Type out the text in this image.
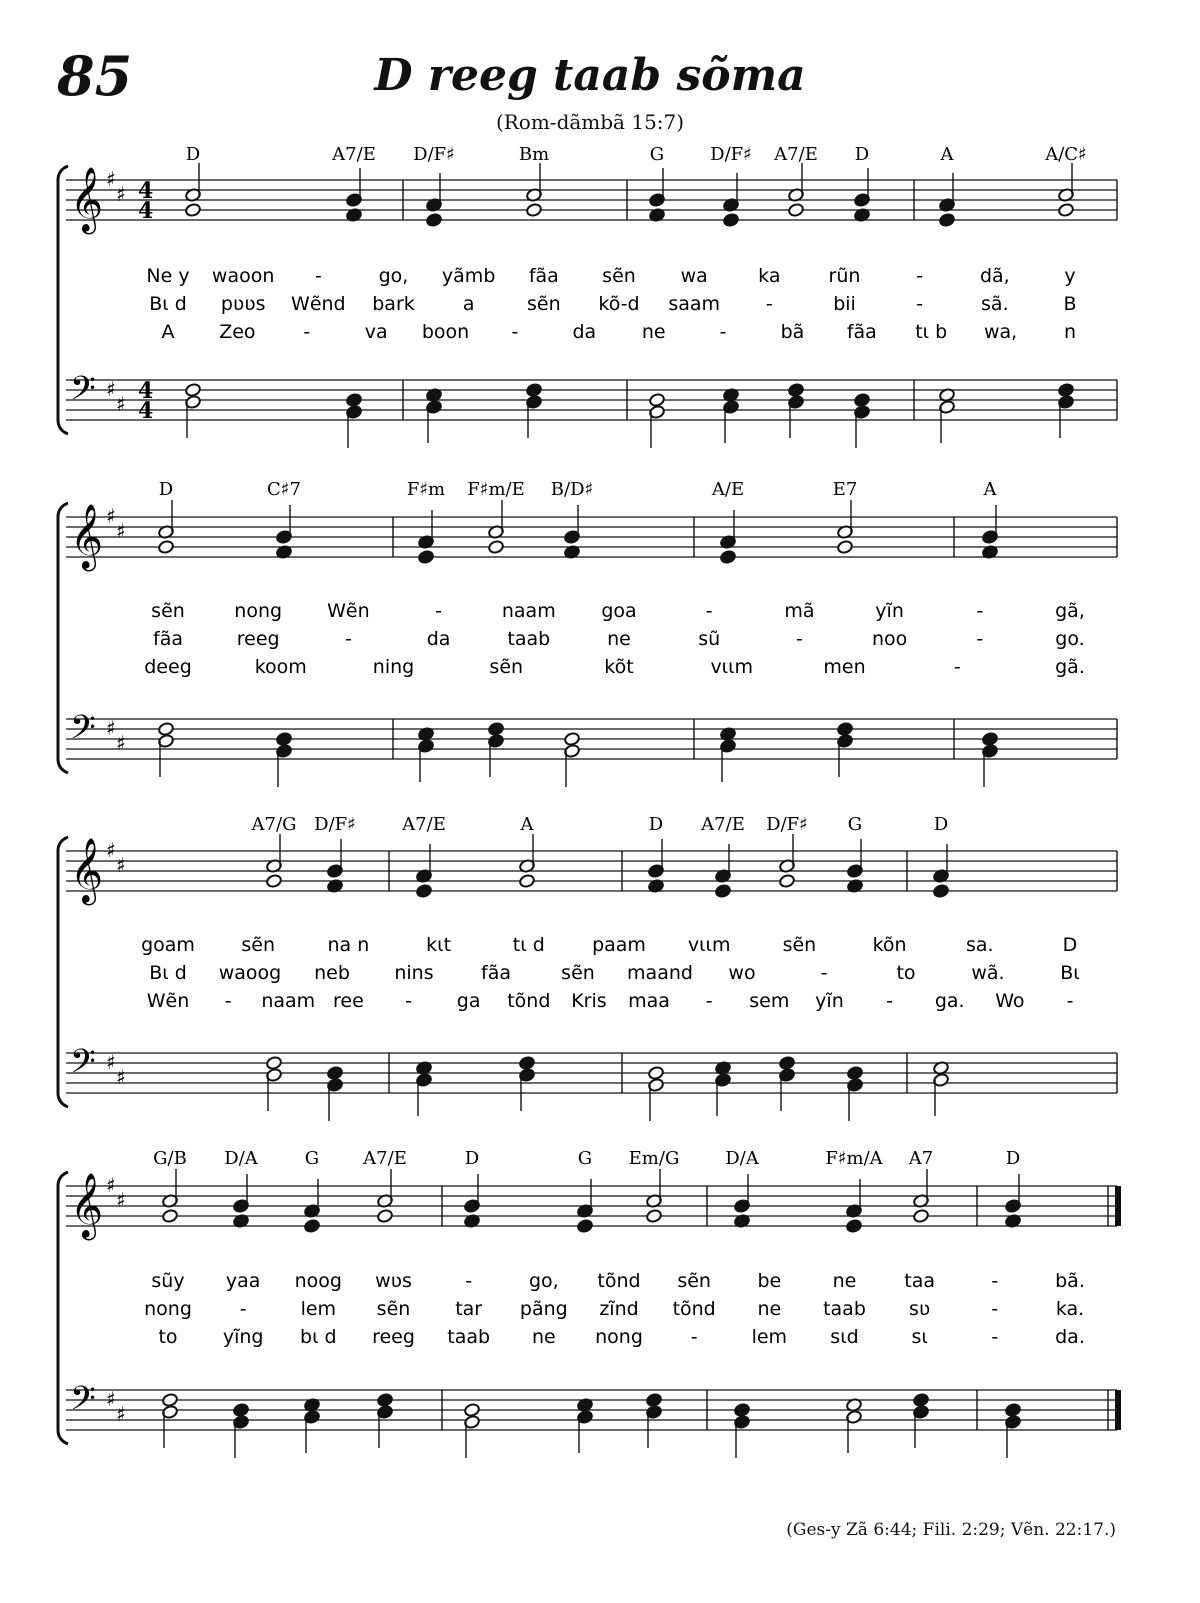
85	D reeg taab sõma
(Rom-dãmbã 15:7)
D	A7/E D/F♯	Bm	G	D/F♯ A7/E D	A	A/C♯
Ne y waoon -	go, yãmb fãa sẽn wa	ka	rũn	-	dã,	y
Bɩ d pʋʋs Wẽnd bark	a	sẽn kõ-d saam -	bii	-	sã.	B
A Zeo	-	va boon -	da ne	-	bã fãa tɩ b wa, n
𝄞 ♯
♯ 4
4
𝄢 ♯
♯ 4
4
D	C♯7	F♯m F♯m/E B/D♯	A/E	E7	A
sẽn	nong Wẽn	-	naam goa	-	mã	yĩn	-	gã,
fãa	reeg	-	da	taab	ne	sũ	-	noo	-	go.
deeg	koom	ning	sẽn	kõt	vɩɩm	men	-	gã.
𝄞 ♯
♯
𝄢 ♯
♯
A7/G D/F♯	A7/E	A	D A7/E D/F♯ G	D
goam sẽn	na n	kɩt	tɩ d paam vɩɩm	sẽn	kõn	sa.	D
Bɩ d waoog neb nins fãa	sẽn maand wo	-	to	wã.	Bɩ
Wẽn - naam ree - ga tõnd Kris maa - sem yĩn - ga. Wo -
𝄞 ♯
♯
𝄢 ♯
♯
G/B D/A	G A7/E	D	G Em/G	D/A	F♯m/A A7	D
sũy yaa noog wʋs	-	go, tõnd sẽn be	ne	taa	-	bã.
nong	-	lem sẽn tar pãng zĩnd tõnd ne taab sʋ	-	ka.
to yĩng bɩ d reeg taab ne nong	-	lem sɩd	sɩ	-	da.
𝄞 ♯
♯
𝄢 ♯
♯
(Ges-y Zã 6:44; Fili. 2:29; Vẽn. 22:17.)
